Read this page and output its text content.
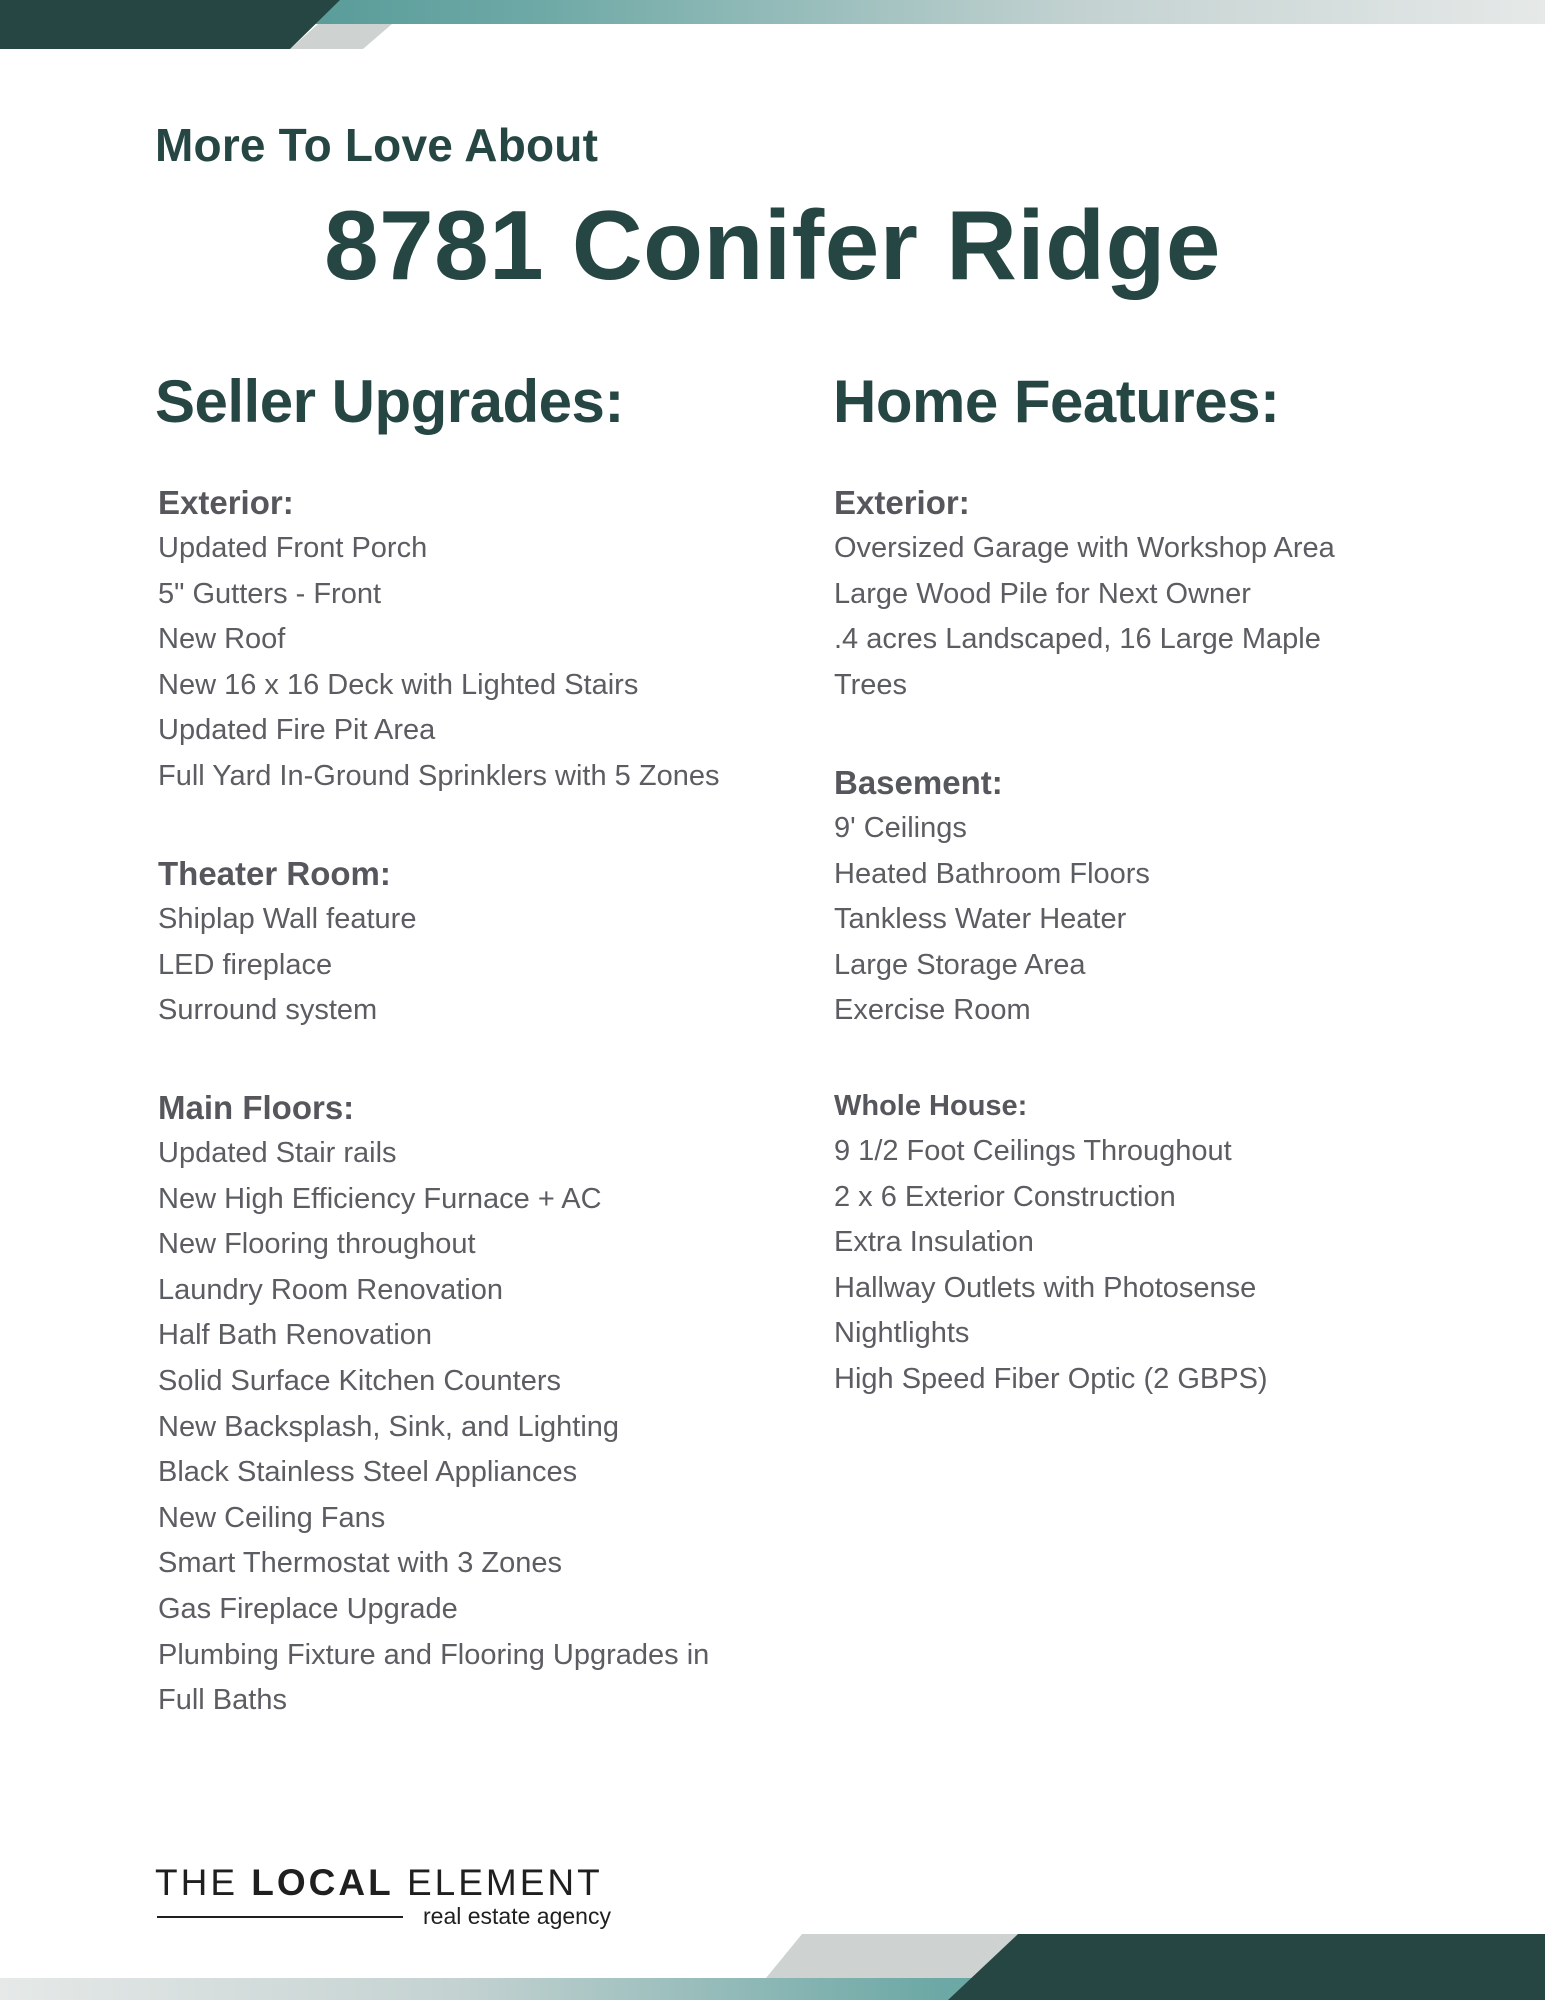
More To Love About
8781 Conifer Ridge
Seller Upgrades:
Exterior:
Updated Front Porch
5" Gutters - Front
New Roof
New 16 x 16 Deck with Lighted Stairs
Updated Fire Pit Area
Full Yard In-Ground Sprinklers with 5 Zones
Theater Room:
Shiplap Wall feature
LED fireplace
Surround system
Main Floors:
Updated Stair rails
New High Efficiency Furnace + AC
New Flooring throughout
Laundry Room Renovation
Half Bath Renovation
Solid Surface Kitchen Counters
New Backsplash, Sink, and Lighting
Black Stainless Steel Appliances
New Ceiling Fans
Smart Thermostat with 3 Zones
Gas Fireplace Upgrade
Plumbing Fixture and Flooring Upgrades in
Full Baths
Home Features:
Exterior:
Oversized Garage with Workshop Area
Large Wood Pile for Next Owner
.4 acres Landscaped, 16 Large Maple
Trees
Basement:
9' Ceilings
Heated Bathroom Floors
Tankless Water Heater
Large Storage Area
Exercise Room
Whole House:
9 1/2 Foot Ceilings Throughout
2 x 6 Exterior Construction
Extra Insulation
Hallway Outlets with Photosense
Nightlights
High Speed Fiber Optic (2 GBPS)
THE LOCAL ELEMENT
real estate agency
